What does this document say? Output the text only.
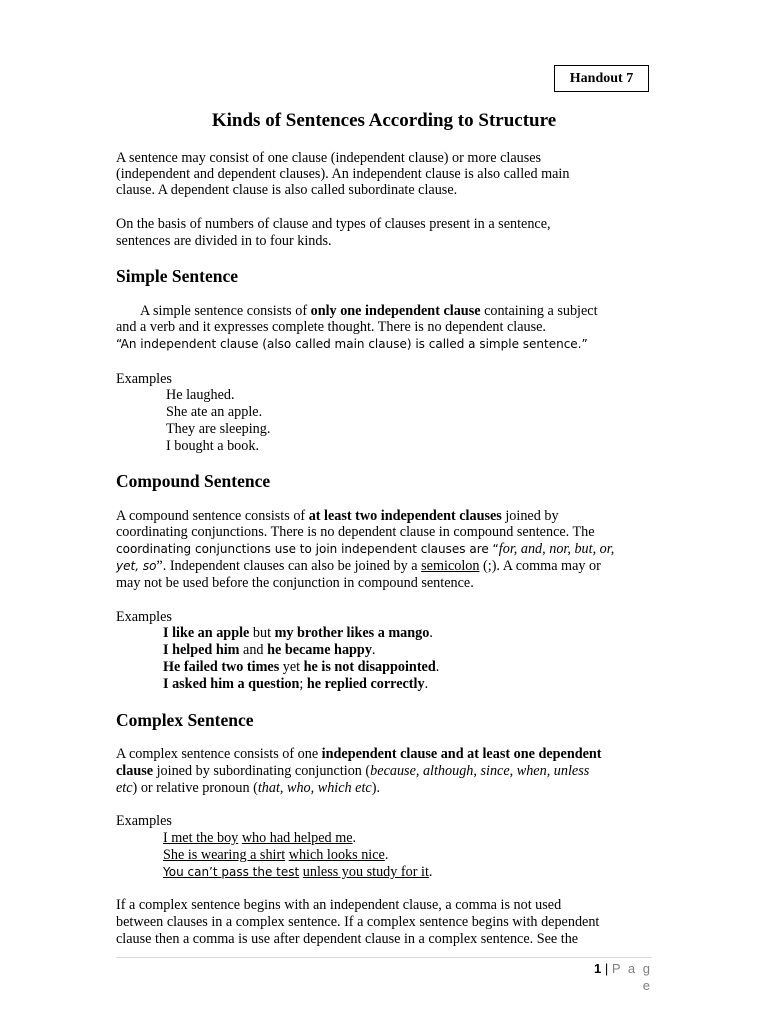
Handout 7
Kinds of Sentences According to Structure

A sentence may consist of one clause (independent clause) or more clauses

(independent and dependent clauses). An independent clause is also called main

clause. A dependent clause is also called subordinate clause.

On the basis of numbers of clause and types of clauses present in a sentence,

sentences are divided in to four kinds.

Simple Sentence

A simple sentence consists of only one independent clause containing a subject

and a verb and it expresses complete thought. There is no dependent clause.

“An independent clause (also called main clause) is called a simple sentence.”

Examples

He laughed.

She ate an apple.

They are sleeping.

I bought a book.

Compound Sentence

A compound sentence consists of at least two independent clauses joined by

coordinating conjunctions. There is no dependent clause in compound sentence. The

coordinating conjunctions use to join independent clauses are “for, and, nor, but, or,

yet, so”. Independent clauses can also be joined by a semicolon (;). A comma may or

may not be used before the conjunction in compound sentence.

Examples

I like an apple but my brother likes a mango.

I helped him and he became happy.

He failed two times yet he is not disappointed.

I asked him a question; he replied correctly.

Complex Sentence

A complex sentence consists of one independent clause and at least one dependent

clause joined by subordinating conjunction (because, although, since, when, unless

etc) or relative pronoun (that, who, which etc).

Examples

I met the boy who had helped me.

She is wearing a shirt which looks nice.

You can’t pass the test unless you study for it.

If a complex sentence begins with an independent clause, a comma is not used

between clauses in a complex sentence. If a complex sentence begins with dependent

clause then a comma is use after dependent clause in a complex sentence. See the

1 | P a g e
